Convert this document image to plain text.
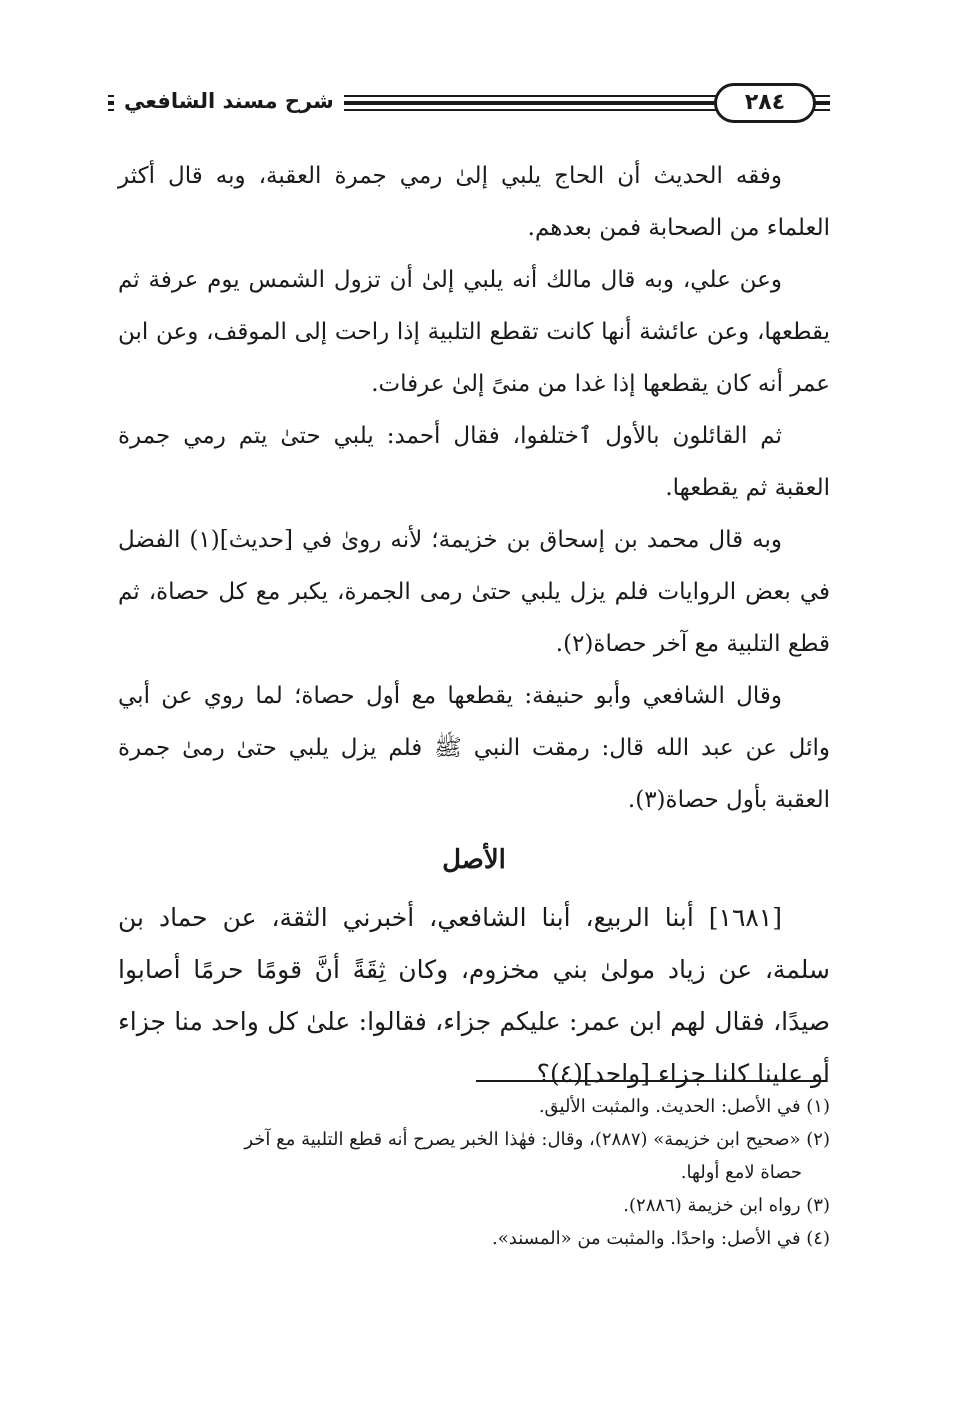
شرح مسند الشافعي	٢٨٤

وفقه الحديث أن الحاج يلبي إلىٰ رمي جمرة العقبة، وبه قال أكثر العلماء من الصحابة فمن بعدهم.

وعن علي، وبه قال مالك أنه يلبي إلىٰ أن تزول الشمس يوم عرفة ثم يقطعها، وعن عائشة أنها كانت تقطع التلبية إذا راحت إلى الموقف، وعن ابن عمر أنه كان يقطعها إذا غدا من منىً إلىٰ عرفات.

ثم القائلون بالأول ٱختلفوا، فقال أحمد: يلبي حتىٰ يتم رمي جمرة العقبة ثم يقطعها.

وبه قال محمد بن إسحاق بن خزيمة؛ لأنه روىٰ في [حديث](١) الفضل في بعض الروايات فلم يزل يلبي حتىٰ رمى الجمرة، يكبر مع كل حصاة، ثم قطع التلبية مع آخر حصاة(٢).

وقال الشافعي وأبو حنيفة: يقطعها مع أول حصاة؛ لما روي عن أبي وائل عن عبد الله قال: رمقت النبي ﷺ فلم يزل يلبي حتىٰ رمىٰ جمرة العقبة بأول حصاة(٣).

الأصل

[١٦٨١] أبنا الربيع، أبنا الشافعي، أخبرني الثقة، عن حماد بن سلمة، عن زياد مولىٰ بني مخزوم، وكان ثِقَةً أنَّ قومًا حرمًا أصابوا صيدًا، فقال لهم ابن عمر: عليكم جزاء، فقالوا: علىٰ كل واحد منا جزاء أو علينا كلنا جزاء [واحد](٤)؟

(١) في الأصل: الحديث. والمثبت الأليق.

(٢) «صحيح ابن خزيمة» (٢٨٨٧)، وقال: فهٰذا الخبر يصرح أنه قطع التلبية مع آخر

حصاة لامع أولها.

(٣) رواه ابن خزيمة (٢٨٨٦).

(٤) في الأصل: واحدًا. والمثبت من «المسند».
